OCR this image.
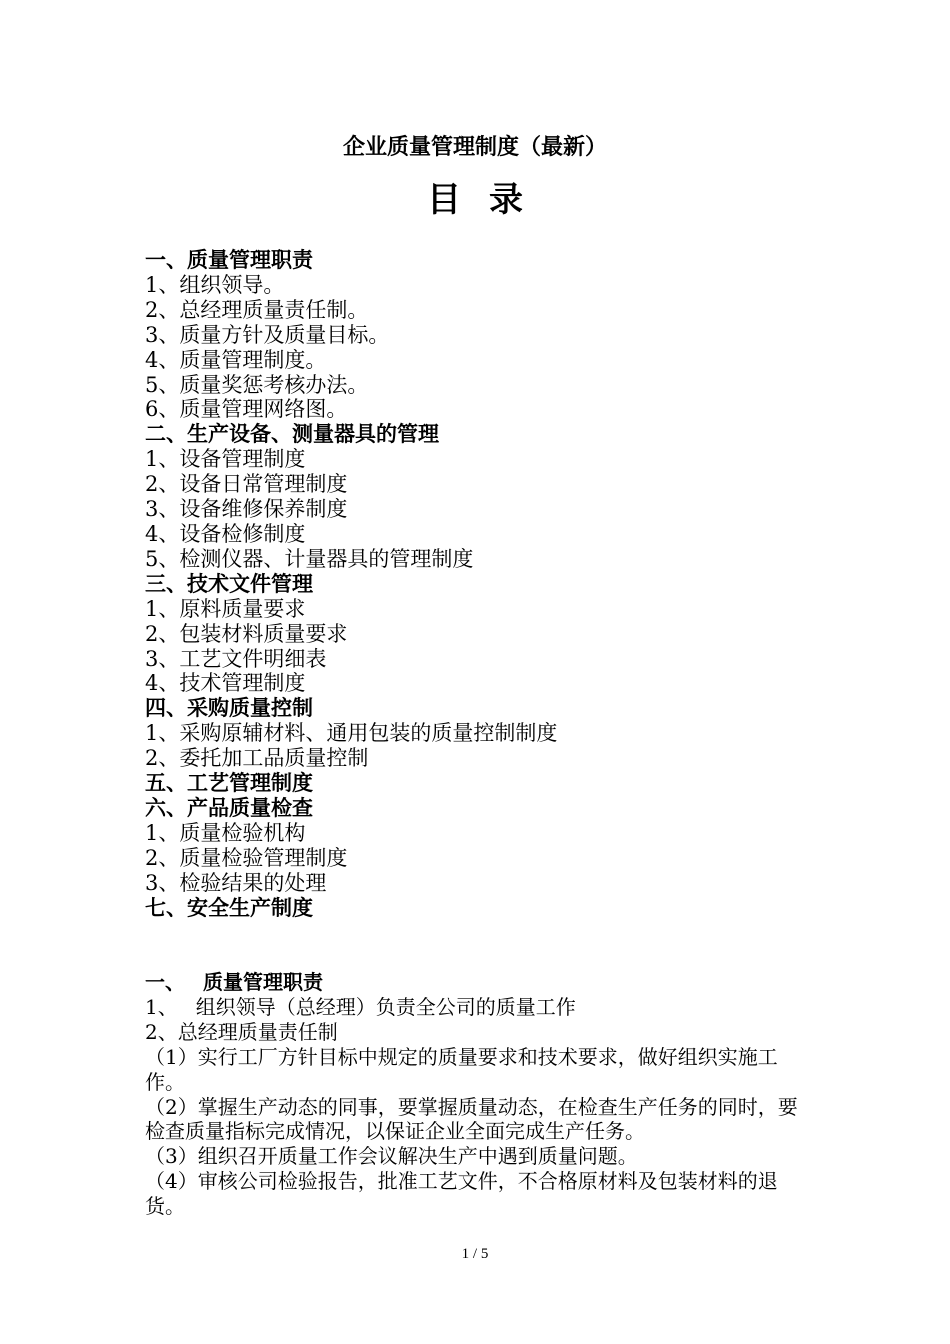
企业质量管理制度（最新）
目录
一、质量管理职责
1、组织领导。
2、总经理质量责任制。
3、质量方针及质量目标。
4、质量管理制度。
5、质量奖惩考核办法。
6、质量管理网络图。
二、生产设备、测量器具的管理
1、设备管理制度
2、设备日常管理制度
3、设备维修保养制度
4、设备检修制度
5、检测仪器、计量器具的管理制度
三、技术文件管理
1、原料质量要求
2、包装材料质量要求
3、工艺文件明细表
4、技术管理制度
四、采购质量控制
1、采购原辅材料、通用包装的质量控制制度
2、委托加工品质量控制
五、工艺管理制度
六、产品质量检查
1、质量检验机构
2、质量检验管理制度
3、检验结果的处理
七、安全生产制度
一、 质量管理职责
1、 组织领导（总经理）负责全公司的质量工作
2、总经理质量责任制
（1）实行工厂方针目标中规定的质量要求和技术要求，做好组织实施工作。
（2）掌握生产动态的同事，要掌握质量动态，在检查生产任务的同时，要检查质量指标完成情况，以保证企业全面完成生产任务。
（3）组织召开质量工作会议解决生产中遇到质量问题。
（4）审核公司检验报告，批准工艺文件，不合格原材料及包装材料的退货。
1 / 5
